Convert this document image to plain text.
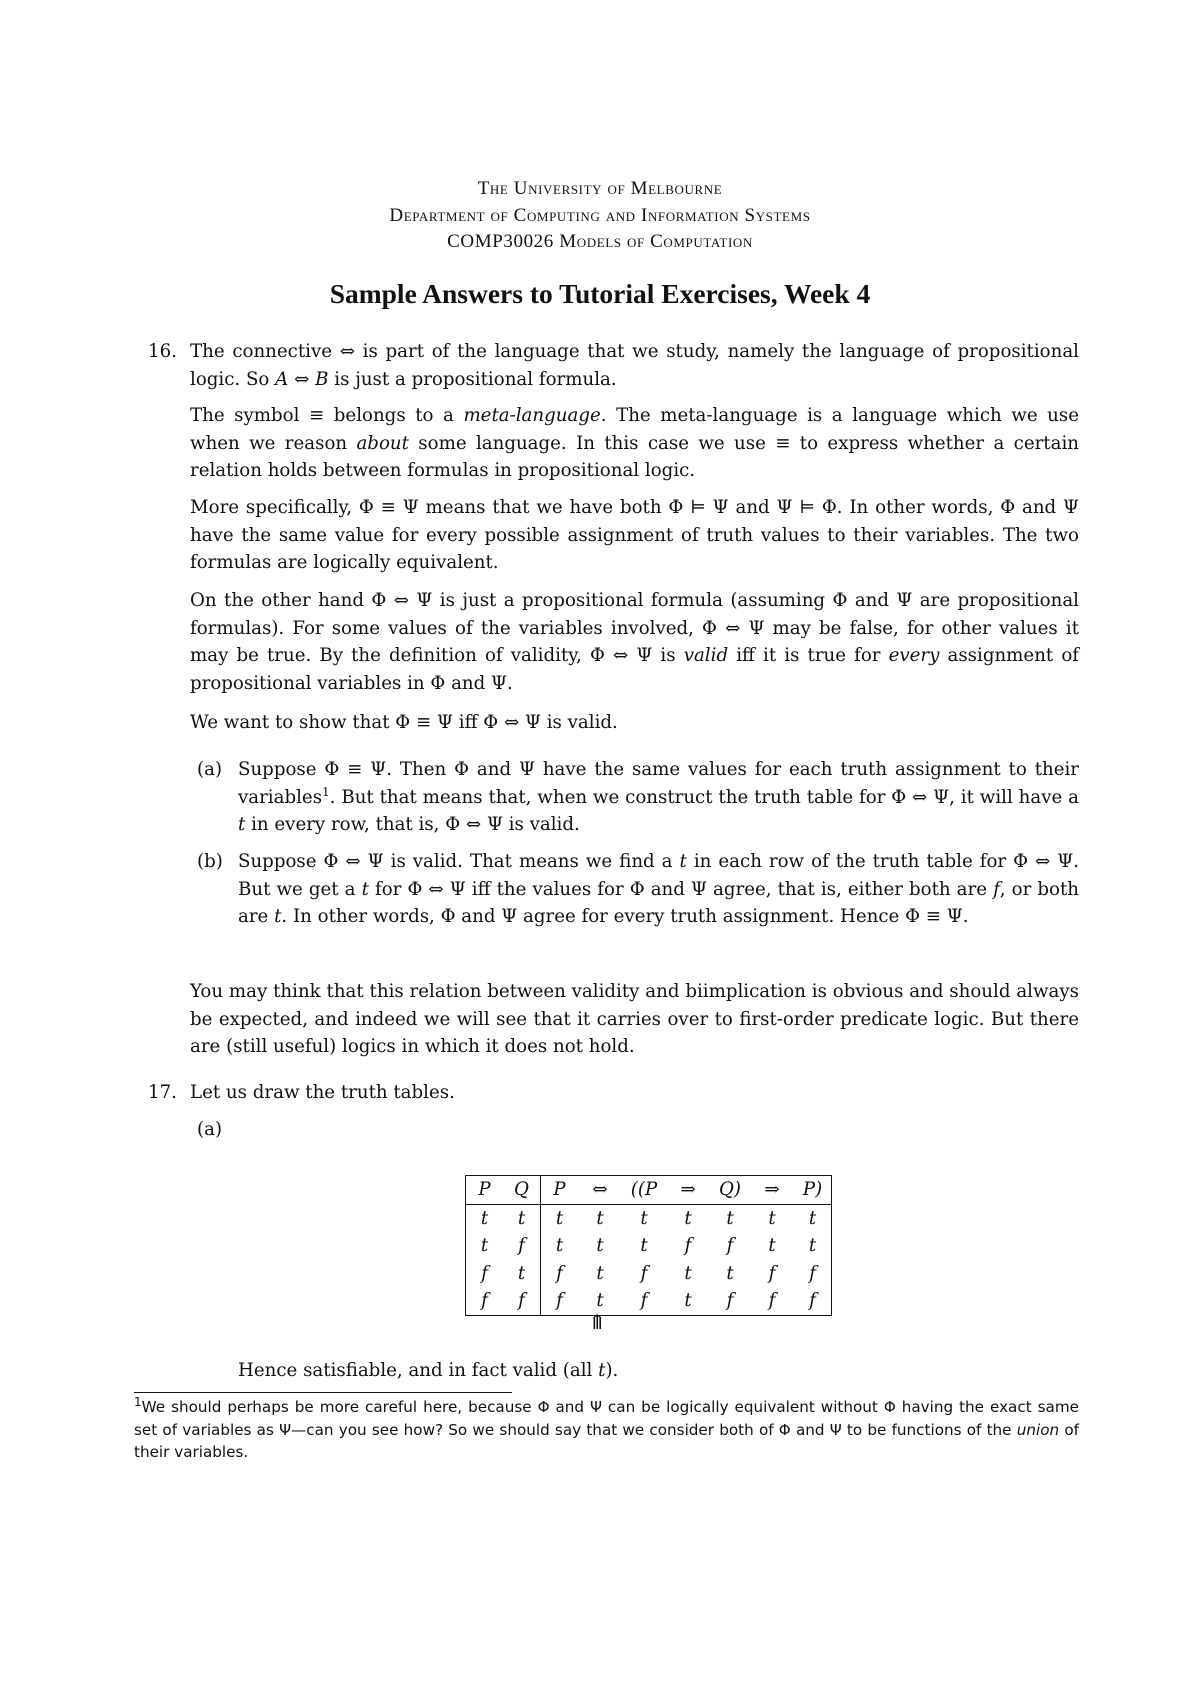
The University of Melbourne
Department of Computing and Information Systems
COMP30026 Models of Computation
Sample Answers to Tutorial Exercises, Week 4
16. The connective ⇔ is part of the language that we study, namely the language of propositional logic. So A ⇔ B is just a propositional formula.
The symbol ≡ belongs to a meta-language. The meta-language is a language which we use when we reason about some language. In this case we use ≡ to express whether a certain relation holds between formulas in propositional logic.
More specifically, Φ ≡ Ψ means that we have both Φ ⊨ Ψ and Ψ ⊨ Φ. In other words, Φ and Ψ have the same value for every possible assignment of truth values to their variables. The two formulas are logically equivalent.
On the other hand Φ ⇔ Ψ is just a propositional formula (assuming Φ and Ψ are propositional formulas). For some values of the variables involved, Φ ⇔ Ψ may be false, for other values it may be true. By the definition of validity, Φ ⇔ Ψ is valid iff it is true for every assignment of propositional variables in Φ and Ψ.
We want to show that Φ ≡ Ψ iff Φ ⇔ Ψ is valid.
(a) Suppose Φ ≡ Ψ. Then Φ and Ψ have the same values for each truth assignment to their variables$^1$. But that means that, when we construct the truth table for Φ ⇔ Ψ, it will have a t in every row, that is, Φ ⇔ Ψ is valid.
(b) Suppose Φ ⇔ Ψ is valid. That means we find a t in each row of the truth table for Φ ⇔ Ψ. But we get a t for Φ ⇔ Ψ iff the values for Φ and Ψ agree, that is, either both are f, or both are t. In other words, Φ and Ψ agree for every truth assignment. Hence Φ ≡ Ψ.
You may think that this relation between validity and biimplication is obvious and should always be expected, and indeed we will see that it carries over to first-order predicate logic. But there are (still useful) logics in which it does not hold.
17. Let us draw the truth tables.
(a)
P	Q	P	⇔	((P	⇒	Q)	⇒	P)
t	t	t	t	t	t	t	t	t
t	f	t	t	t	f	f	t	t
f	t	f	t	f	t	t	f	f
f	f	f	t	f	t	f	f	f
⤊
Hence satisfiable, and in fact valid (all t).
$^1$We should perhaps be more careful here, because Φ and Ψ can be logically equivalent without Φ having the exact same set of variables as Ψ—can you see how? So we should say that we consider both of Φ and Ψ to be functions of the union of their variables.
